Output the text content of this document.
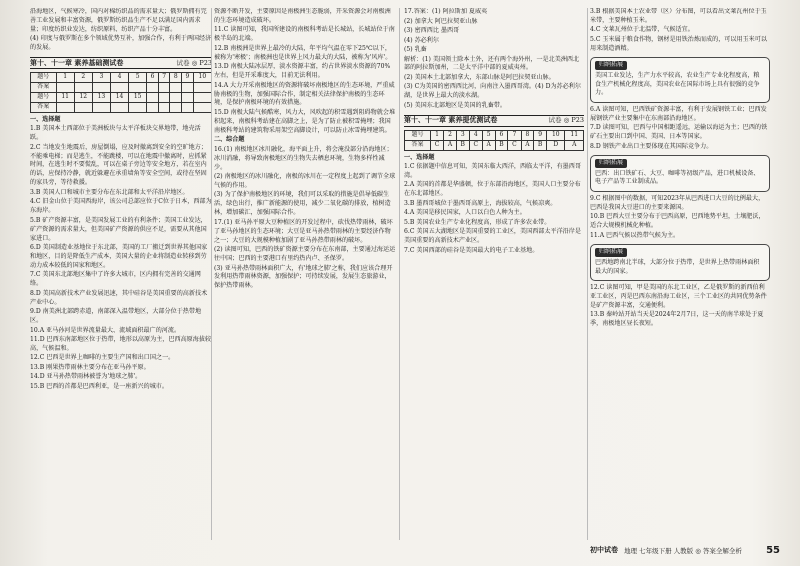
沿海地区，气候寒冷，国内对棉纺织品的需求量大；俄罗斯拥有完善工业发展和丰富资源，俄罗斯纺织品生产不足以满足国内需求量；印度纺织业发达，纺织原料、纺织产品十分丰富。

(4) 印度与俄罗斯在多个领域优势互补，加强合作，有利于两国经济的发展。

第十、十一章 素养基础测试卷	试卷 ◎ P23
题号	1	2	3	4	5	6	7	8	9	10
答案										
题号	11	12	13	14	15					
答案										

一、选择题

1.B 美国本土西部位于美洲板块与太平洋板块交界地带，地壳活跃。

2.C 当地发生地震后，房屋倒塌，应及时撤离到安全的空旷地方；不能乘电梯；而是逃生，不能跳楼，可以在地震中撤离时，应抓紧时间，在逃生时不要慌乱，可以在桌子旁边等安全地方，若在室内的话，应保持冷静，就近躲避在承重墙角等安全空间，或待在坚固的家具旁，等待救援。

3.B 美国人口和城市主要分布在东北部和太平洋沿岸地区。

4.C 旧金山位于美国西海岸，该公司总部应位于C位于日本，西部为东海岸。

5.B 矿产资源丰富，是美国发展工业的有利条件；美国工业发达，矿产资源的需求量大，但美国矿产资源的供应不足，需要从其他国家进口。

6.D 美国制造业基地位于东北部，美国的工厂搬迁到世界其他国家和地区，目的是降低生产成本，美国大量的企业将制造业转移到劳动力成本较低的国家和地区。

7.C 美国东北部地区集中了许多大城市，区内拥有完善的交通网络。

8.D 美国高新技术产业发展迅速，其中硅谷是美国重要的高新技术产业中心。

9.D 南美洲北部跨赤道，南部深入温带地区，大部分位于热带地区。

10.A 亚马孙河是世界流量最大、流域面积最广的河流。

11.D 巴西东南部地区位于热带，地形以高原为主，巴西高原海拔较高，气候温和。

12.C 巴西是世界上咖啡的主要生产国和出口国之一。

13.B 刚果热带雨林主要分布在亚马孙平原。

14.D 亚马孙热带雨林被誉为'地球之肺'。

15.B 巴西的首都是巴西利亚，是一座新兴的城市。

资源不断开发，主要原因是南极洲生态脆弱，开采资源会对南极洲的生态环境造成破坏。

11.C 读图可知，我国所建设的南极科考站是长城站，长城站位于南极半岛的北端。

12.B 南极洲是世界上最冷的大陆，年平均气温在零下25℃以下，被称为'寒极'；南极洲也是世界上风力最大的大陆，被称为'风库'。

13.D 南极大陆冰层厚，淡水资源丰富，约占世界淡水资源的70%左右，但是开采难度大，目前无法利用。

14.A 大力开采南极地区的资源将破坏南极地区的生态环境，严重威胁南极的生物，加强国际合作，制定相关法律保护南极的生态环境，是保护南极环境的有效措施。

15.D 南极大陆气候酷寒，风力大，风吹起的积雪遇到阻碍物就会堆积起来，南极科考站建在高脚之上，是为了防止被积雪掩埋；我国南极科考站的建筑物采用架空高脚设计，可以防止冰雪掩埋建筑。

二、综合题

16.(1) 南极地区冰川融化，海平面上升，将会淹没部分沿海地区；冰川消融，将导致南极地区的生物失去栖息环境，生物多样性减少。

(2) 南极地区的冰川融化，南极的冰川在一定程度上起到了调节全球气候的作用。

(3) 为了保护南极地区的环境，我们可以采取的措施是倡导低碳生活，绿色出行，推广新能源的使用，减少二氧化碳的排放，植树造林，增加碳汇，加强国际合作。

17.(1) 亚马孙平原大豆种植区的开发过程中，砍伐热带雨林，破坏了亚马孙地区的生态环境；大豆是亚马孙热带雨林的主要经济作物之一；大豆的大规模种植加剧了亚马孙热带雨林的破坏。

(2) 读图可知，巴西的铁矿资源主要分布在东南部，主要通过海运运往中国；巴西的主要港口有里约热内卢、圣保罗。

(3) 亚马孙热带雨林面积广大，有'地球之肺'之称，我们应该合理开发利用热带雨林资源，加强保护；可持续发展，发展生态旅游业，保护热带雨林。

17.答案：(1) 阿拉斯加 夏威夷

(2) 加拿大 阿巴拉契亚山脉

(3) 密西西比 墨西哥

(4) 苏必利尔

(5) 乳畜

解析：(1) 美国领土除本土外，还有两个海外州，一是北美洲西北部的阿拉斯加州，二是太平洋中部的夏威夷州。

(2) 美国本土北部加拿大，东部山脉是阿巴拉契亚山脉。

(3) C为美国的密西西比河，向南注入墨西哥湾。(4) D为苏必利尔湖，是世界上最大的淡水湖。

(5) 美国东北部地区是美国的乳畜带。

第十、十一章 素养提优测试卷	试卷 ◎ P23
题号	1	2	3	4	5	6	7	8	9	10	11
答案	C	A	B	C	A	B	C	A	B	D	A

一、选择题

1.C 依据题中信息可知，美国东临大西洋，西临太平洋，有墨西哥湾。

2.A 美国的首都是华盛顿，位于东部沿海地区，美国人口主要分布在东北部地区。

3.B 墨西哥城位于墨西哥高原上，海拔较高，气候凉爽。

4.A 美国是移民国家，人口以白色人种为主。

5.B 美国农业生产专业化程度高，形成了许多农业带。

6.C 美国五大湖地区是美国重要的工业区，美国西部太平洋沿岸是美国重要的高新技术产业区。

7.C 美国西部的硅谷是美国最大的电子工业基地。

3.B 根据美国本土农业带（区）分布图，可以看出文莱瓦州位于玉米带，主要种植玉米。

4.C 文莱瓦州位于北温带，气候适宜。

5.C 玉米属于粮食作物，钢材是用铁治炼而成的，可以用玉米可以用来制造酒精。

归纳拓展

美国工业发达，生产力水平较高，农业生产专业化程度高，粮食生产机械化程度高，美国农业在国际市场上具有很强的竞争力。

6.A 读图可知，巴西铁矿资源丰富，有利于发展钢铁工业；巴西发展钢铁产业主要集中在东南部沿海地区。

7.D 读图可知，巴西与中国相距遥远，运输以海运为主；巴西的铁矿石主要出口到中国、美国、日本等国家。

8.D 钢铁产业出口主要体现在其国际竞争力。

归纳拓展

巴西：出口铁矿石、大豆、咖啡等初级产品，进口机械设备、电子产品等工业制成品。

9.C 根据图中的数据，可知2023年从巴西进口大豆的比例最大，巴西是我国大豆进口的主要来源国。

10.B 巴西大豆主要分布于巴西高原，巴西地势平坦，土壤肥沃，适合大规模机械化种植。

11.A 巴西气候以热带气候为主。

归纳拓展

巴西地跨南北半球，大部分位于热带，是世界上热带雨林面积最大的国家。

12.C 读图可知，甲是美国的东北工业区，乙是俄罗斯的新西伯利亚工业区，丙是巴西东南沿海工业区，三个工业区的共同优势条件是矿产资源丰富，交通便利。

13.B 秦岭站开站当天是2024年2月7日，这一天的南半球处于夏季，南极地区昼长夜短。

初中试卷 地理 七年级下册 人教版 ◎ 答案全解全析 55
